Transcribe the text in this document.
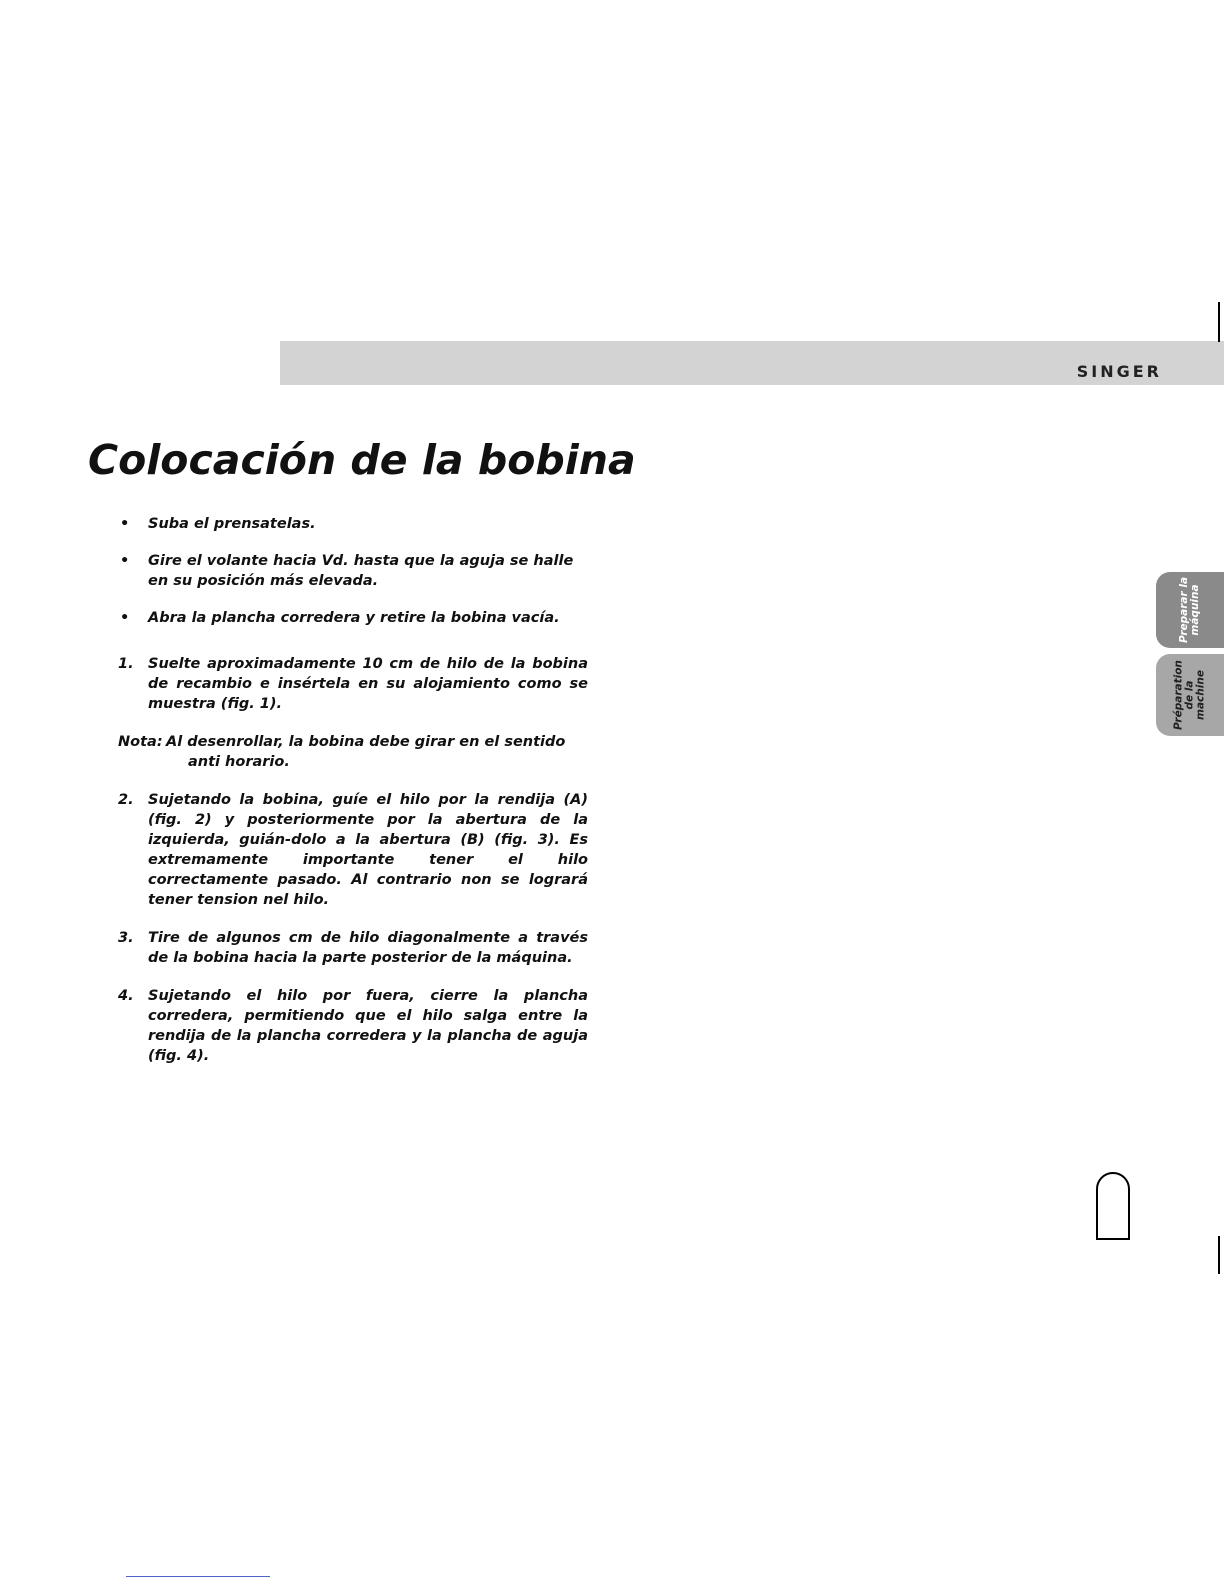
SINGER
Colocación de la bobina
• Suba el prensatelas.
• Gire el volante hacia Vd. hasta que la aguja se halle en su posición más elevada.
• Abra la plancha corredera y retire la bobina vacía.
1. Suelte aproximadamente 10 cm de hilo de la bobina de recambio e insértela en su alojamiento como se muestra (fig. 1).
Nota: Al desenrollar, la bobina debe girar en el sentido
anti horario.
2. Sujetando la bobina, guíe el hilo por la rendija (A) (fig. 2) y posteriormente por la abertura de la izquierda, guián-dolo a la abertura (B) (fig. 3). Es extremamente importante tener el hilo correctamente pasado. Al contrario non se logrará tener tension nel hilo.
3. Tire de algunos cm de hilo diagonalmente a través de la bobina hacia la parte posterior de la máquina.
4. Sujetando el hilo por fuera, cierre la plancha corredera, permitiendo que el hilo salga entre la rendija de la plancha corredera y la plancha de aguja (fig. 4).
Preparar la máquina
Préparation de la machine
